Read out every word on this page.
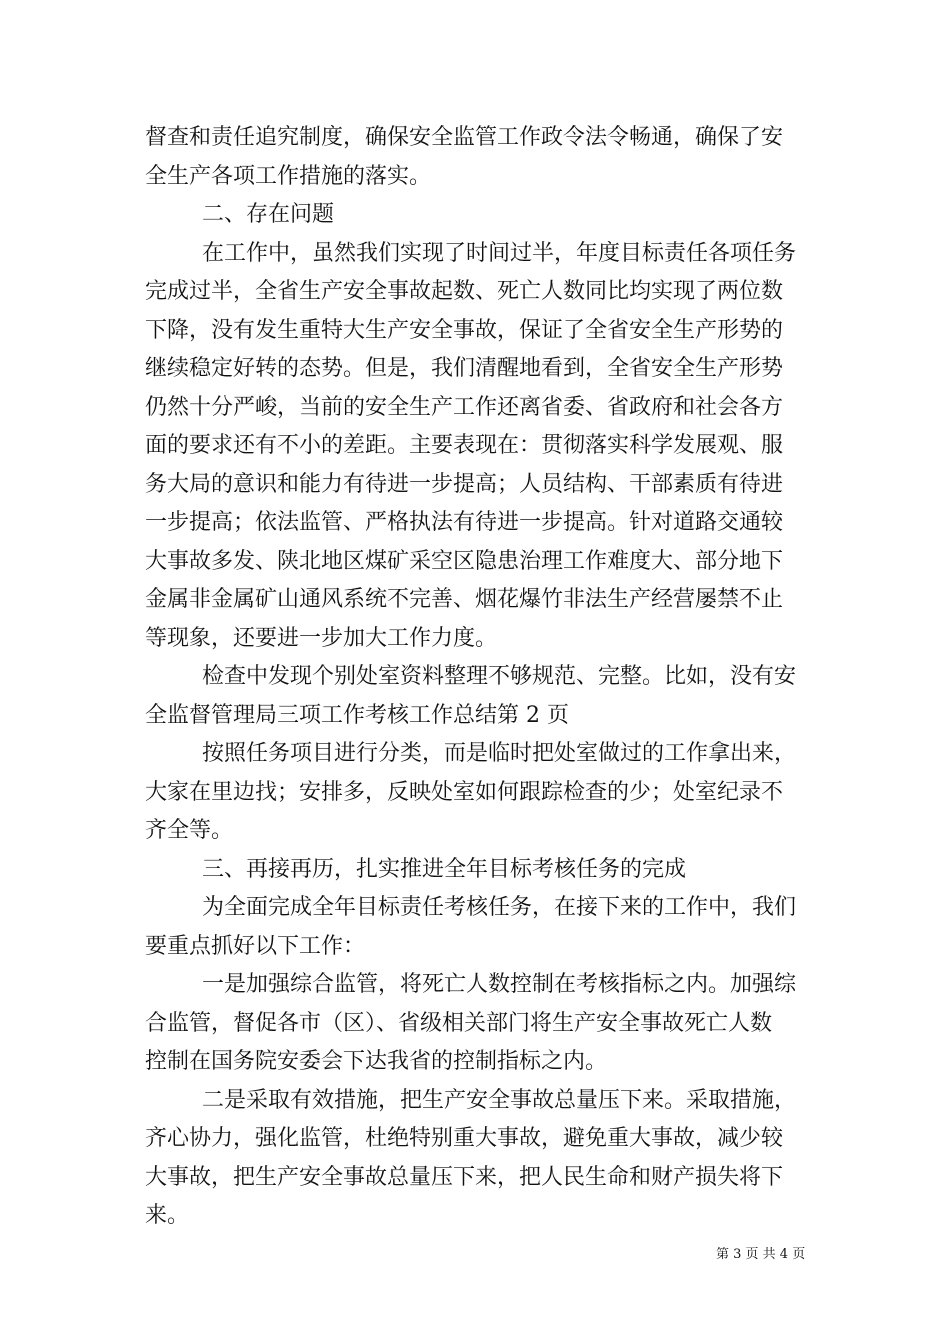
督查和责任追究制度，确保安全监管工作政令法令畅通，确保了安
全生产各项工作措施的落实。
二、存在问题
在工作中，虽然我们实现了时间过半，年度目标责任各项任务
完成过半，全省生产安全事故起数、死亡人数同比均实现了两位数
下降，没有发生重特大生产安全事故，保证了全省安全生产形势的
继续稳定好转的态势。但是，我们清醒地看到，全省安全生产形势
仍然十分严峻，当前的安全生产工作还离省委、省政府和社会各方
面的要求还有不小的差距。主要表现在：贯彻落实科学发展观、服
务大局的意识和能力有待进一步提高；人员结构、干部素质有待进
一步提高；依法监管、严格执法有待进一步提高。针对道路交通较
大事故多发、陕北地区煤矿采空区隐患治理工作难度大、部分地下
金属非金属矿山通风系统不完善、烟花爆竹非法生产经营屡禁不止
等现象，还要进一步加大工作力度。
检查中发现个别处室资料整理不够规范、完整。比如，没有安
全监督管理局三项工作考核工作总结第 2 页
按照任务项目进行分类，而是临时把处室做过的工作拿出来，
大家在里边找；安排多，反映处室如何跟踪检查的少；处室纪录不
齐全等。
三、再接再历，扎实推进全年目标考核任务的完成
为全面完成全年目标责任考核任务，在接下来的工作中，我们
要重点抓好以下工作：
一是加强综合监管，将死亡人数控制在考核指标之内。加强综
合监管，督促各市（区）、省级相关部门将生产安全事故死亡人数
控制在国务院安委会下达我省的控制指标之内。
二是采取有效措施，把生产安全事故总量压下来。采取措施，
齐心协力，强化监管，杜绝特别重大事故，避免重大事故，减少较
大事故，把生产安全事故总量压下来，把人民生命和财产损失将下
来。
第 3 页 共 4 页
